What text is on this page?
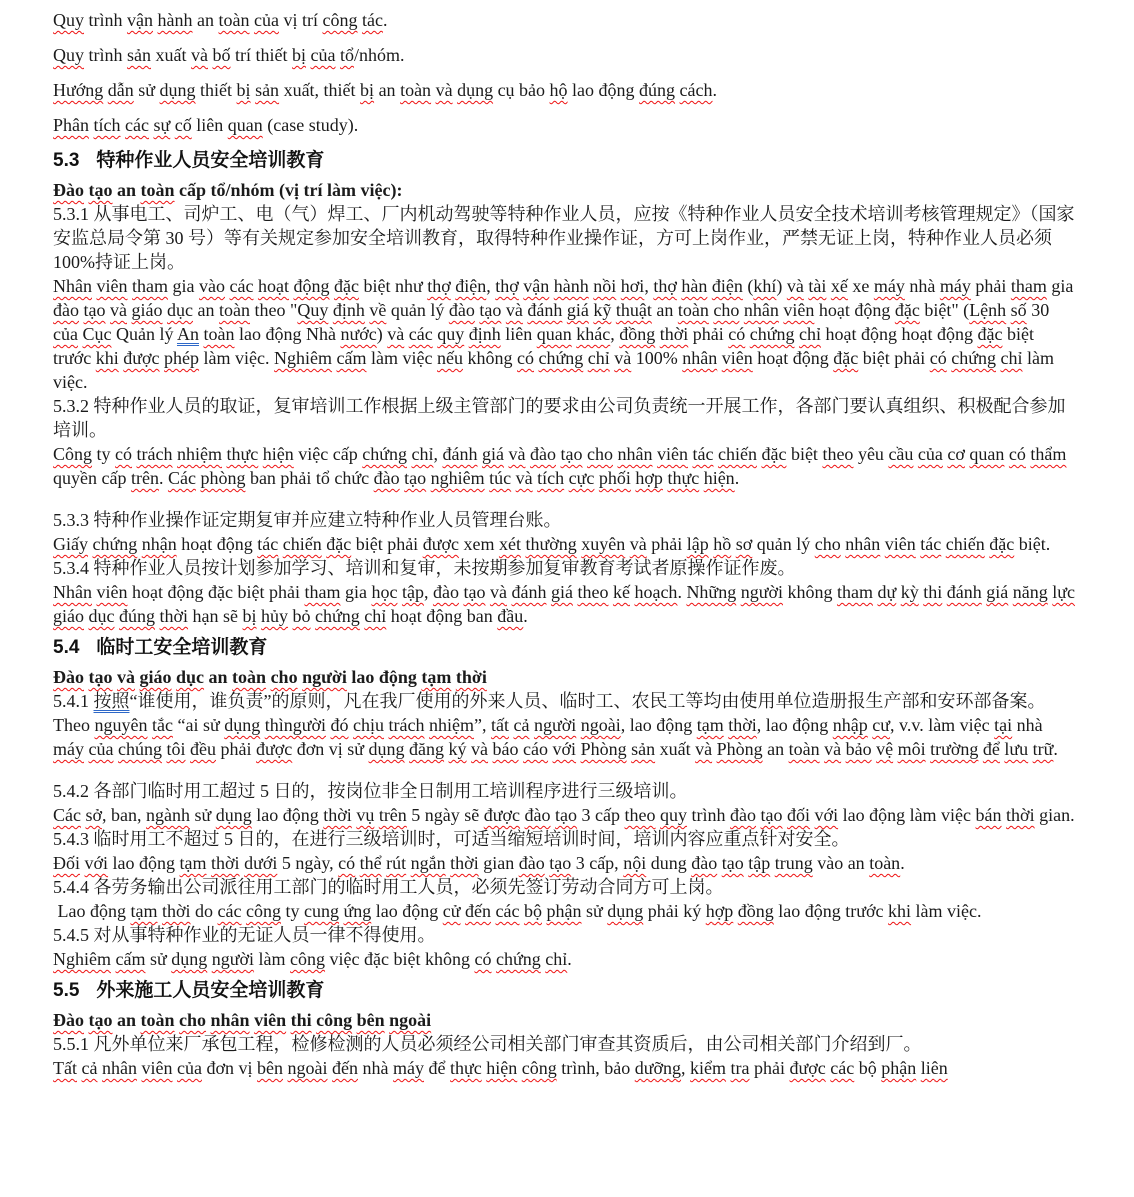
Quy trình vận hành an toàn của vị trí công tác.

Quy trình sản xuất và bố trí thiết bị của tổ/nhóm.

Hướng dẫn sử dụng thiết bị sản xuất, thiết bị an toàn và dụng cụ bảo hộ lao động đúng cách.

Phân tích các sự cố liên quan (case study).

5.3 特种作业人员安全培训教育

Đào tạo an toàn cấp tổ/nhóm (vị trí làm việc):

5.3.1 从事电工、司炉工、电（气）焊工、厂内机动驾驶等特种作业人员，应按《特种作业人员安全技术培训考核管理规定》（国家安监总局令第 30 号）等有关规定参加安全培训教育，取得特种作业操作证，方可上岗作业，严禁无证上岗，特种作业人员必须 100%持证上岗。

Nhân viên tham gia vào các hoạt động đặc biệt như thợ điện, thợ vận hành nồi hơi, thợ hàn điện (khí) và tài xế xe máy nhà máy phải tham gia đào tạo và giáo dục an toàn theo "Quy định về quản lý đào tạo và đánh giá kỹ thuật an toàn cho nhân viên hoạt động đặc biệt" (Lệnh số 30 của Cục Quản lý An toàn lao động Nhà nước) và các quy định liên quan khác, đồng thời phải có chứng chỉ hoạt động hoạt động đặc biệt trước khi được phép làm việc. Nghiêm cấm làm việc nếu không có chứng chỉ và 100% nhân viên hoạt động đặc biệt phải có chứng chỉ làm việc.

5.3.2 特种作业人员的取证，复审培训工作根据上级主管部门的要求由公司负责统一开展工作，各部门要认真组织、积极配合参加培训。

Công ty có trách nhiệm thực hiện việc cấp chứng chỉ, đánh giá và đào tạo cho nhân viên tác chiến đặc biệt theo yêu cầu của cơ quan có thẩm quyền cấp trên. Các phòng ban phải tổ chức đào tạo nghiêm túc và tích cực phối hợp thực hiện.

5.3.3 特种作业操作证定期复审并应建立特种作业人员管理台账。

Giấy chứng nhận hoạt động tác chiến đặc biệt phải được xem xét thường xuyên và phải lập hồ sơ quản lý cho nhân viên tác chiến đặc biệt.

5.3.4 特种作业人员按计划参加学习、培训和复审，未按期参加复审教育考试者原操作证作废。

Nhân viên hoạt động đặc biệt phải tham gia học tập, đào tạo và đánh giá theo kế hoạch. Những người không tham dự kỳ thi đánh giá năng lực giáo dục đúng thời hạn sẽ bị hủy bỏ chứng chỉ hoạt động ban đầu.

5.4 临时工安全培训教育

Đào tạo và giáo dục an toàn cho người lao động tạm thời

5.4.1 按照“谁使用，谁负责”的原则，凡在我厂使用的外来人员、临时工、农民工等均由使用单位造册报生产部和安环部备案。

Theo nguyên tắc “ai sử dụng thìngười đó chịu trách nhiệm”, tất cả người ngoài, lao động tạm thời, lao động nhập cư, v.v. làm việc tại nhà máy của chúng tôi đều phải được đơn vị sử dụng đăng ký và báo cáo với Phòng sản xuất và Phòng an toàn và bảo vệ môi trường để lưu trữ.

5.4.2 各部门临时用工超过 5 日的，按岗位非全日制用工培训程序进行三级培训。

Các sở, ban, ngành sử dụng lao động thời vụ trên 5 ngày sẽ được đào tạo 3 cấp theo quy trình đào tạo đối với lao động làm việc bán thời gian.

5.4.3 临时用工不超过 5 日的，在进行三级培训时，可适当缩短培训时间，培训内容应重点针对安全。

Đối với lao động tạm thời dưới 5 ngày, có thể rút ngắn thời gian đào tạo 3 cấp, nội dung đào tạo tập trung vào an toàn.

5.4.4 各劳务输出公司派往用工部门的临时用工人员，必须先签订劳动合同方可上岗。

Lao động tạm thời do các công ty cung ứng lao động cử đến các bộ phận sử dụng phải ký hợp đồng lao động trước khi làm việc.

5.4.5 对从事特种作业的无证人员一律不得使用。

Nghiêm cấm sử dụng người làm công việc đặc biệt không có chứng chỉ.

5.5 外来施工人员安全培训教育

Đào tạo an toàn cho nhân viên thi công bên ngoài

5.5.1 凡外单位来厂承包工程，检修检测的人员必须经公司相关部门审查其资质后，由公司相关部门介绍到厂。

Tất cả nhân viên của đơn vị bên ngoài đến nhà máy để thực hiện công trình, bảo dưỡng, kiểm tra phải được các bộ phận liên
